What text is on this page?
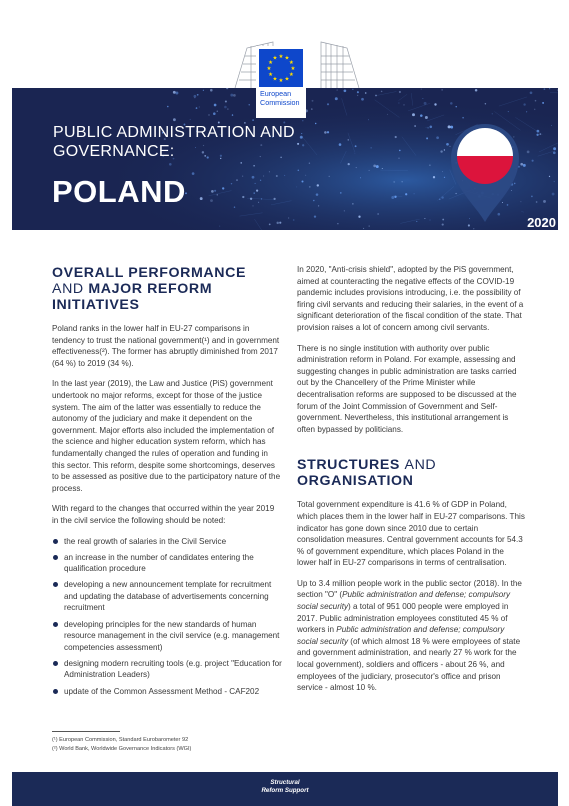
★
★
★
★
★
★
★
★
★ ★ ★
★
European
Commission
PUBLIC ADMINISTRATION AND
GOVERNANCE:
POLAND
2020
OVERALL PERFORMANCE
AND MAJOR REFORM INITIATIVES

Poland ranks in the lower half in EU-27 comparisons in tendency to trust the national government(¹) and in government effectiveness(²). The former has abruptly diminished from 2017 (64 %) to 2019 (34 %).

In the last year (2019), the Law and Justice (PiS) government undertook no major reforms, except for those of the justice system. The aim of the latter was essentially to reduce the autonomy of the judiciary and make it dependent on the government. Major efforts also included the implementation of the science and higher education system reform, which has fundamentally changed the rules of operation and funding in this sector. This reform, despite some shortcomings, deserves to be assessed as positive due to the participatory nature of the process.

With regard to the changes that occurred within the year 2019 in the civil service the following should be noted:

the real growth of salaries in the Civil Service
an increase in the number of candidates entering the qualification procedure
developing a new announcement template for recruitment and updating the database of advertisements concerning recruitment
developing principles for the new standards of human resource management in the civil service (e.g. management competencies assessment)
designing modern recruiting tools (e.g. project "Education for Administration Leaders)
update of the Common Assessment Method - CAF202

In 2020, "Anti-crisis shield", adopted by the PiS government, aimed at counteracting the negative effects of the COVID-19 pandemic includes provisions introducing, i.e. the possibility of firing civil servants and reducing their salaries, in the event of a significant deterioration of the fiscal condition of the state. That provision raises a lot of concern among civil servants.

There is no single institution with authority over public administration reform in Poland. For example, assessing and suggesting changes in public administration are tasks carried out by the Chancellery of the Prime Minister while decentralisation reforms are supposed to be discussed at the forum of the Joint Commission of Government and Self-government. Nevertheless, this institutional arrangement is often bypassed by politicians.

STRUCTURES AND
ORGANISATION

Total government expenditure is 41.6 % of GDP in Poland, which places them in the lower half in EU-27 comparisons. This indicator has gone down since 2010 due to certain consolidation measures. Central government accounts for 54.3 % of government expenditure, which places Poland in the lower half in EU-27 comparisons in terms of centralisation.

Up to 3.4 million people work in the public sector (2018). In the section "O" (Public administration and defense; compulsory social security) a total of 951 000 people were employed in 2017. Public administration employees constituted 45 % of workers in Public administration and defense; compulsory social security (of which almost 18 % were employees of state and government administration, and nearly 27 % work for the local government), soldiers and officers - about 26 %, and employees of the judiciary, prosecutor's office and prison service - almost 10 %.

(¹) European Commission, Standard Eurobarometer 92
(²) World Bank, Worldwide Governance Indicators (WGI)
Structural
Reform Support
